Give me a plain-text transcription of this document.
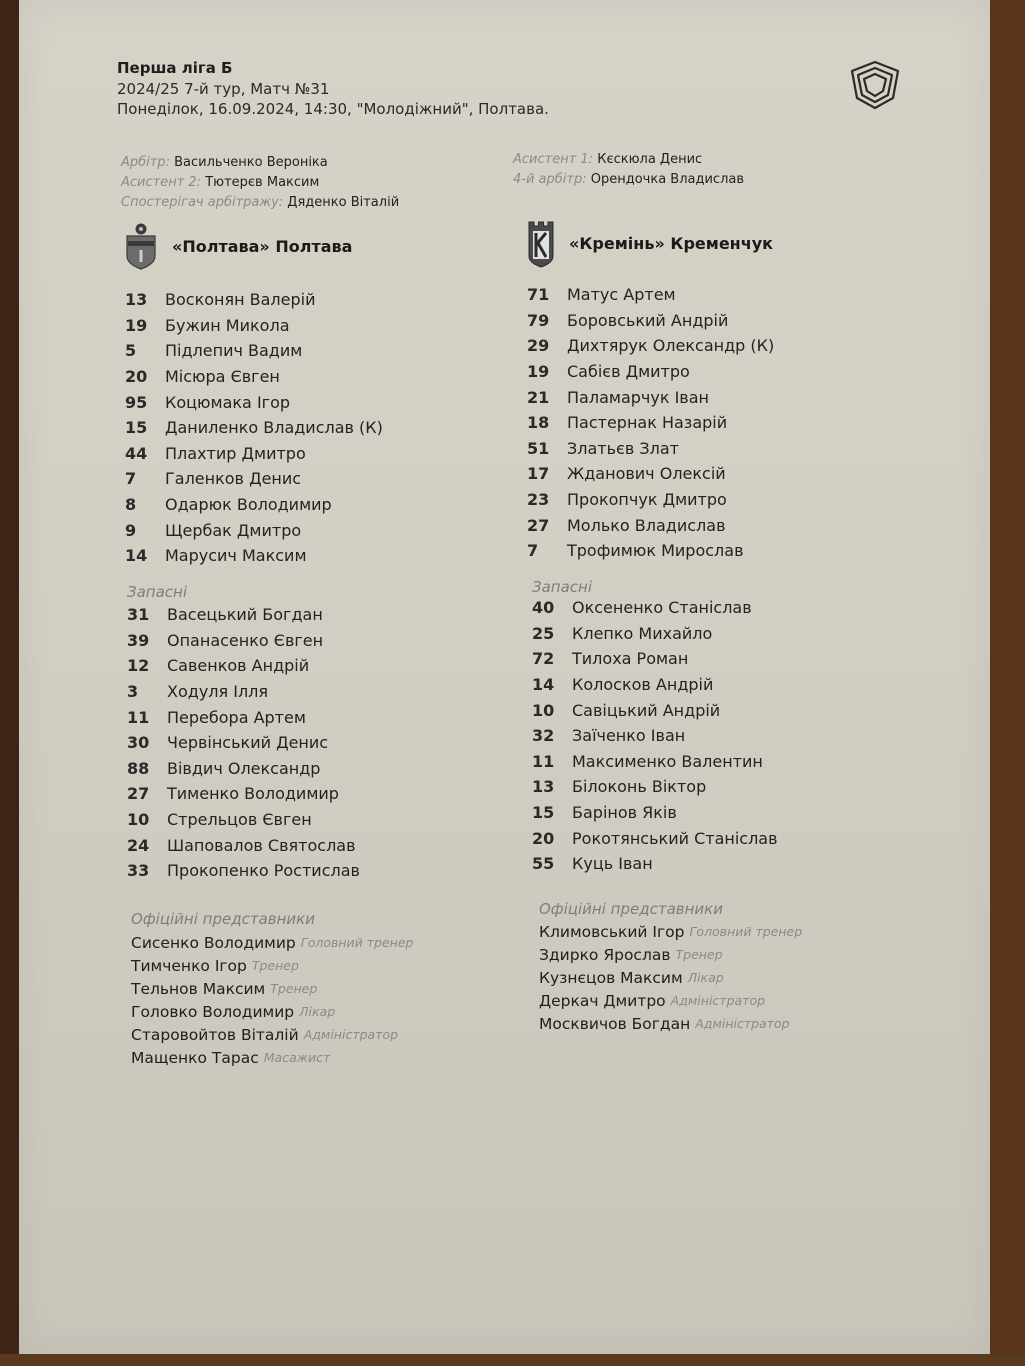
Перша ліга Б
2024/25 7-й тур, Матч №31
Понеділок, 16.09.2024, 14:30, "Молодіжний", Полтава.
Арбітр: Васильченко Вероніка
Асистент 2: Тютерєв Максим
Спостерігач арбітражу: Дяденко Віталій
Асистент 1: Кєскюла Денис
4-й арбітр: Орендочка Владислав
«Полтава» Полтава	«Кремінь» Кременчук
13	Восконян Валерій
19	Бужин Микола
5	Підлепич Вадим
20	Місюра Євген
95	Коцюмака Ігор
15	Даниленко Владислав (К)
44	Плахтир Дмитро
7	Галенков Денис
8	Одарюк Володимир
9	Щербак Дмитро
14	Марусич Максим
Запасні
31	Васецький Богдан
39	Опанасенко Євген
12	Савенков Андрій
3	Ходуля Ілля
11	Перебора Артем
30	Червінський Денис
88	Вівдич Олександр
27	Тименко Володимир
10	Стрельцов Євген
24	Шаповалов Святослав
33	Прокопенко Ростислав
Офіційні представники
Сисенко Володимир Головний тренер
Тимченко Ігор Тренер
Тельнов Максим Тренер
Головко Володимир Лікар
Старовойтов Віталій Адміністратор
Мащенко Тарас Масажист
71	Матус Артем
79	Боровський Андрій
29	Дихтярук Олександр (К)
19	Сабієв Дмитро
21	Паламарчук Іван
18	Пастернак Назарій
51	Златьєв Злат
17	Жданович Олексій
23	Прокопчук Дмитро
27	Молько Владислав
7	Трофимюк Мирослав
Запасні
40	Оксененко Станіслав
25	Клепко Михайло
72	Тилоха Роман
14	Колосков Андрій
10	Савіцький Андрій
32	Заїченко Іван
11	Максименко Валентин
13	Білоконь Віктор
15	Барінов Яків
20	Рокотянський Станіслав
55	Куць Іван
Офіційні представники
Климовський Ігор Головний тренер
Здирко Ярослав Тренер
Кузнєцов Максим Лікар
Деркач Дмитро Адміністратор
Москвичов Богдан Адміністратор
